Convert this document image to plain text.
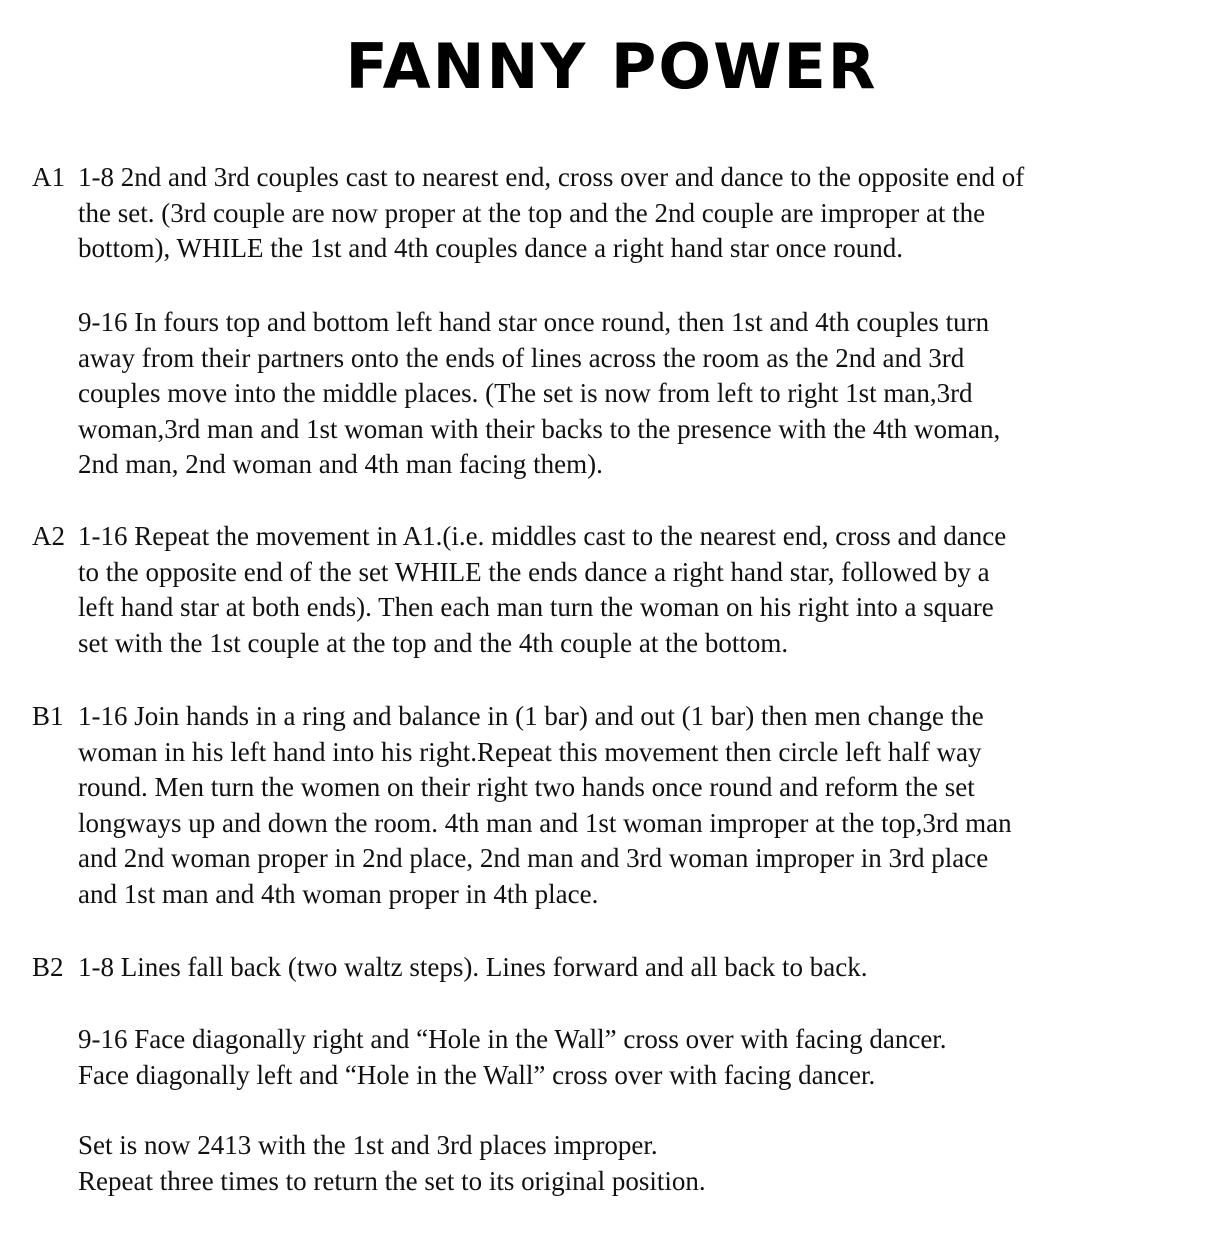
FANNY POWER
A1 1-8 2nd and 3rd couples cast to nearest end, cross over and dance to the opposite end of
the set. (3rd couple are now proper at the top and the 2nd couple are improper at the
bottom), WHILE the 1st and 4th couples dance a right hand star once round.
9-16 In fours top and bottom left hand star once round, then 1st and 4th couples turn
away from their partners onto the ends of lines across the room as the 2nd and 3rd
couples move into the middle places. (The set is now from left to right 1st man,3rd
woman,3rd man and 1st woman with their backs to the presence with the 4th woman,
2nd man, 2nd woman and 4th man facing them).
A2 1-16 Repeat the movement in A1.(i.e. middles cast to the nearest end, cross and dance
to the opposite end of the set WHILE the ends dance a right hand star, followed by a
left hand star at both ends). Then each man turn the woman on his right into a square
set with the 1st couple at the top and the 4th couple at the bottom.
B1 1-16 Join hands in a ring and balance in (1 bar) and out (1 bar) then men change the
woman in his left hand into his right.Repeat this movement then circle left half way
round. Men turn the women on their right two hands once round and reform the set
longways up and down the room. 4th man and 1st woman improper at the top,3rd man
and 2nd woman proper in 2nd place, 2nd man and 3rd woman improper in 3rd place
and 1st man and 4th woman proper in 4th place.
B2 1-8 Lines fall back (two waltz steps). Lines forward and all back to back.
9-16 Face diagonally right and “Hole in the Wall” cross over with facing dancer.
Face diagonally left and “Hole in the Wall” cross over with facing dancer.
Set is now 2413 with the 1st and 3rd places improper.
Repeat three times to return the set to its original position.
